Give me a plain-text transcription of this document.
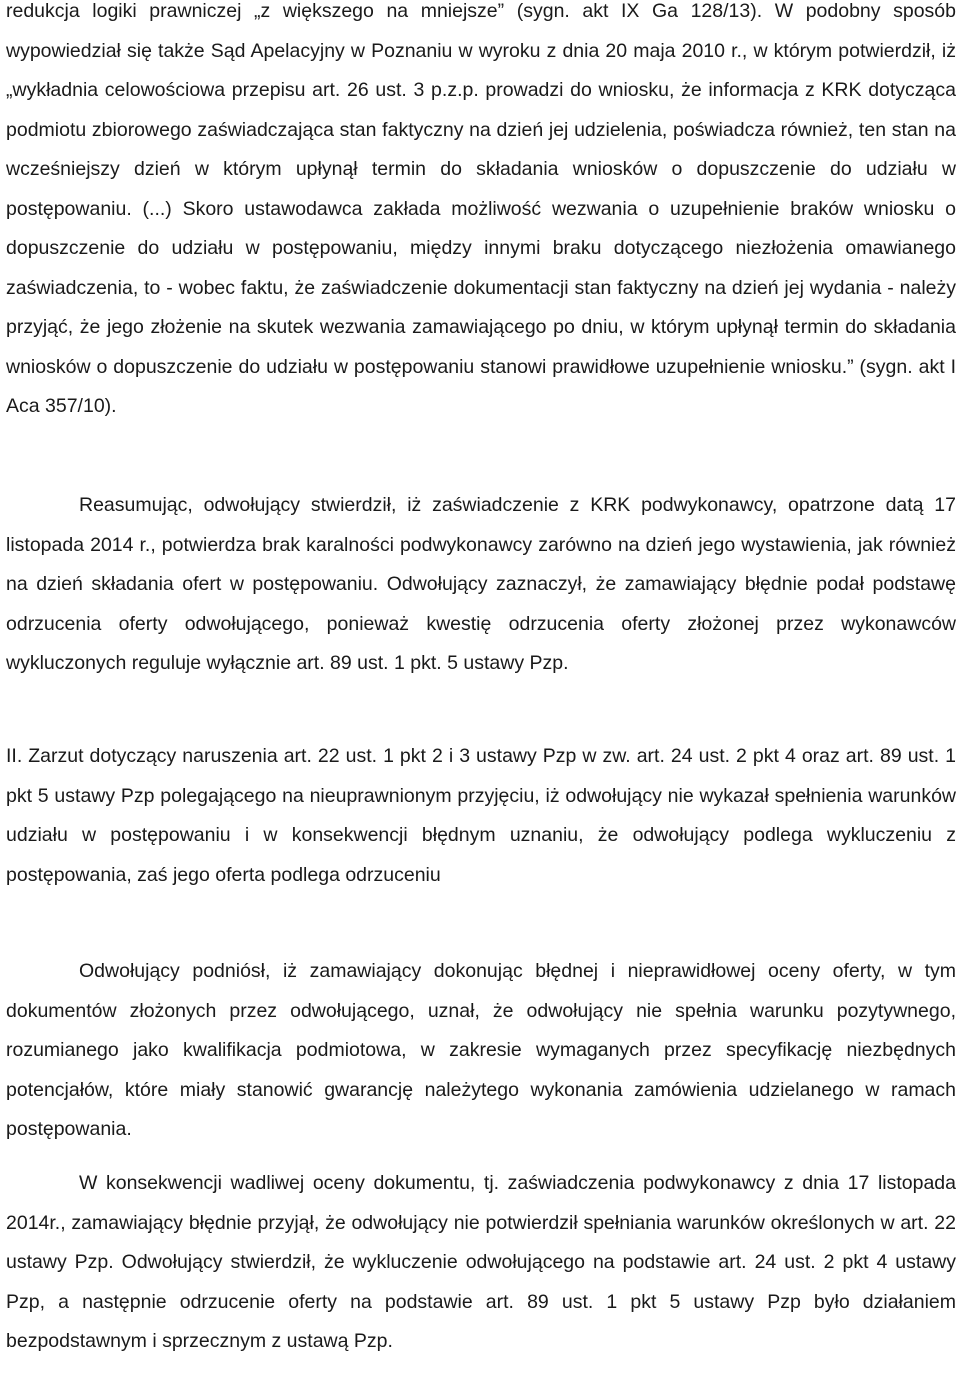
redukcja logiki prawniczej „z większego na mniejsze” (sygn. akt IX Ga 128/13). W podobny sposób wypowiedział się także Sąd Apelacyjny w Poznaniu w wyroku z dnia 20 maja 2010 r., w którym potwierdził, iż „wykładnia celowościowa przepisu art. 26 ust. 3 p.z.p. prowadzi do wniosku, że informacja z KRK dotycząca podmiotu zbiorowego zaświadczająca stan faktyczny na dzień jej udzielenia, poświadcza również, ten stan na wcześniejszy dzień w którym upłynął termin do składania wniosków o dopuszczenie do udziału w postępowaniu. (...) Skoro ustawodawca zakłada możliwość wezwania o uzupełnienie braków wniosku o dopuszczenie do udziału w postępowaniu, między innymi braku dotyczącego niezłożenia omawianego zaświadczenia, to - wobec faktu, że zaświadczenie dokumentacji stan faktyczny na dzień jej wydania - należy przyjąć, że jego złożenie na skutek wezwania zamawiającego po dniu, w którym upłynął termin do składania wniosków o dopuszczenie do udziału w postępowaniu stanowi prawidłowe uzupełnienie wniosku.” (sygn. akt I Aca 357/10).

Reasumując, odwołujący stwierdził, iż zaświadczenie z KRK podwykonawcy, opatrzone datą 17 listopada 2014 r., potwierdza brak karalności podwykonawcy zarówno na dzień jego wystawienia, jak również na dzień składania ofert w postępowaniu. Odwołujący zaznaczył, że zamawiający błędnie podał podstawę odrzucenia oferty odwołującego, ponieważ kwestię odrzucenia oferty złożonej przez wykonawców wykluczonych reguluje wyłącznie art. 89 ust. 1 pkt. 5 ustawy Pzp.

II. Zarzut dotyczący naruszenia art. 22 ust. 1 pkt 2 i 3 ustawy Pzp w zw. art. 24 ust. 2 pkt 4 oraz art. 89 ust. 1 pkt 5 ustawy Pzp polegającego na nieuprawnionym przyjęciu, iż odwołujący nie wykazał spełnienia warunków udziału w postępowaniu i w konsekwencji błędnym uznaniu, że odwołujący podlega wykluczeniu z postępowania, zaś jego oferta podlega odrzuceniu

Odwołujący podniósł, iż zamawiający dokonując błędnej i nieprawidłowej oceny oferty, w tym dokumentów złożonych przez odwołującego, uznał, że odwołujący nie spełnia warunku pozytywnego, rozumianego jako kwalifikacja podmiotowa, w zakresie wymaganych przez specyfikację niezbędnych potencjałów, które miały stanowić gwarancję należytego wykonania zamówienia udzielanego w ramach postępowania.

W konsekwencji wadliwej oceny dokumentu, tj. zaświadczenia podwykonawcy z dnia 17 listopada 2014r., zamawiający błędnie przyjął, że odwołujący nie potwierdził spełniania warunków określonych w art. 22 ustawy Pzp. Odwołujący stwierdził, że wykluczenie odwołującego na podstawie art. 24 ust. 2 pkt 4 ustawy Pzp, a następnie odrzucenie oferty na podstawie art. 89 ust. 1 pkt 5 ustawy Pzp było działaniem bezpodstawnym i sprzecznym z ustawą Pzp.
